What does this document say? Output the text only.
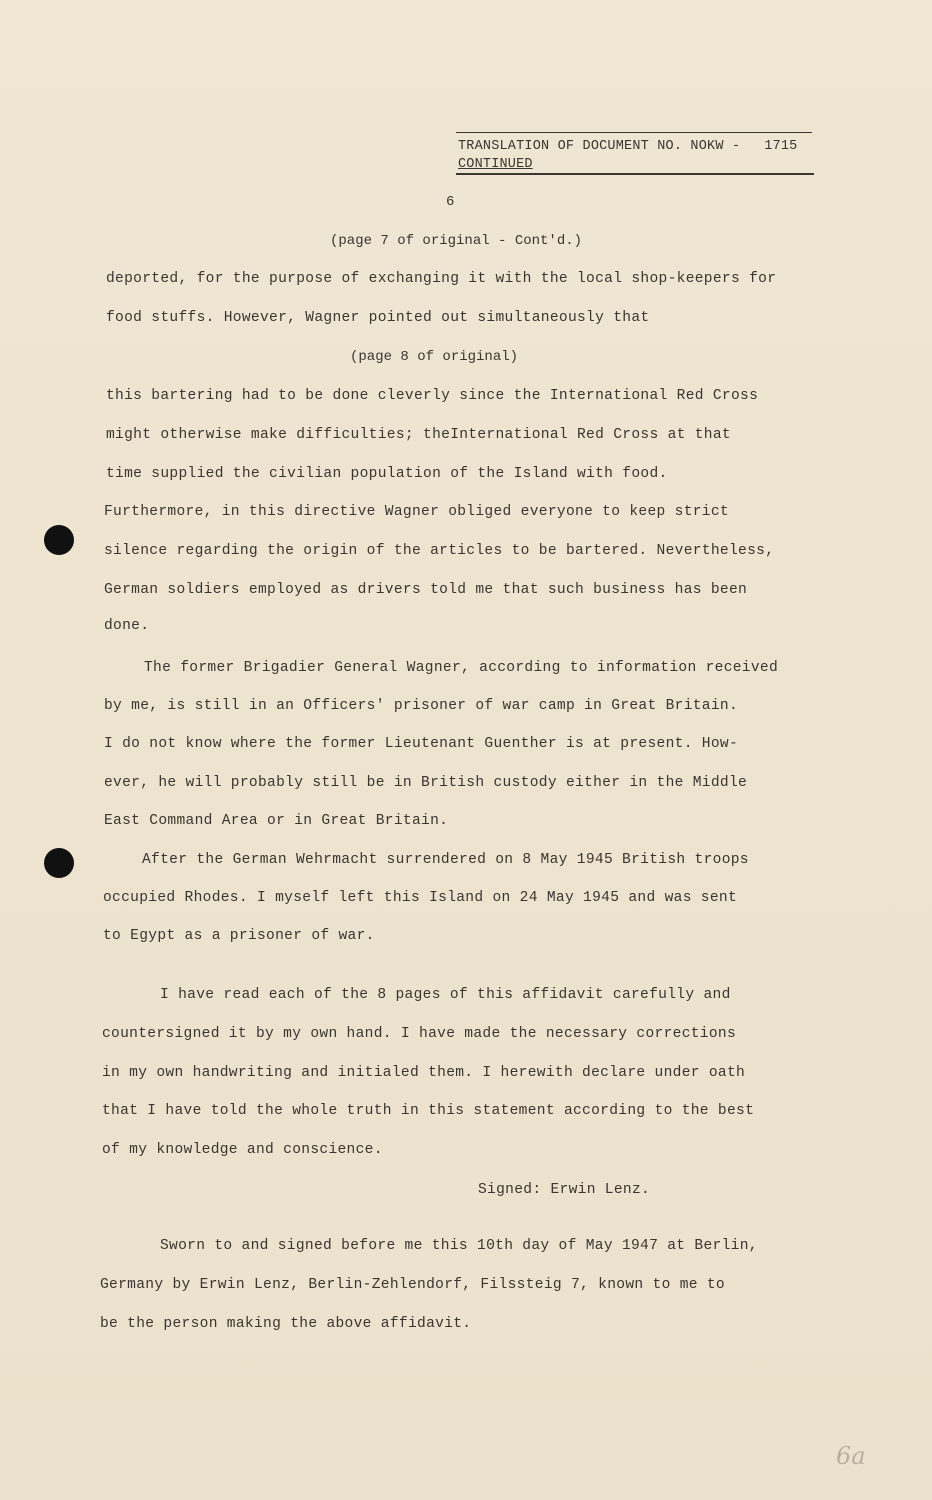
TRANSLATION OF DOCUMENT NO. NOKW - 1715
CONTINUED
6
(page 7 of original - Cont'd.)
deported, for the purpose of exchanging it with the local shop-keepers for
food stuffs. However, Wagner pointed out simultaneously that
(page 8 of original)
this bartering had to be done cleverly since the International Red Cross
might otherwise make difficulties; theInternational Red Cross at that
time supplied the civilian population of the Island with food.
Furthermore, in this directive Wagner obliged everyone to keep strict
silence regarding the origin of the articles to be bartered. Nevertheless,
German soldiers employed as drivers told me that such business has been
done.
The former Brigadier General Wagner, according to information received
by me, is still in an Officers' prisoner of war camp in Great Britain.
I do not know where the former Lieutenant Guenther is at present. How-
ever, he will probably still be in British custody either in the Middle
East Command Area or in Great Britain.
After the German Wehrmacht surrendered on 8 May 1945 British troops
occupied Rhodes. I myself left this Island on 24 May 1945 and was sent
to Egypt as a prisoner of war.
I have read each of the 8 pages of this affidavit carefully and
countersigned it by my own hand. I have made the necessary corrections
in my own handwriting and initialed them. I herewith declare under oath
that I have told the whole truth in this statement according to the best
of my knowledge and conscience.
Signed: Erwin Lenz.
Sworn to and signed before me this 10th day of May 1947 at Berlin,
Germany by Erwin Lenz, Berlin-Zehlendorf, Filssteig 7, known to me to
be the person making the above affidavit.
6a
